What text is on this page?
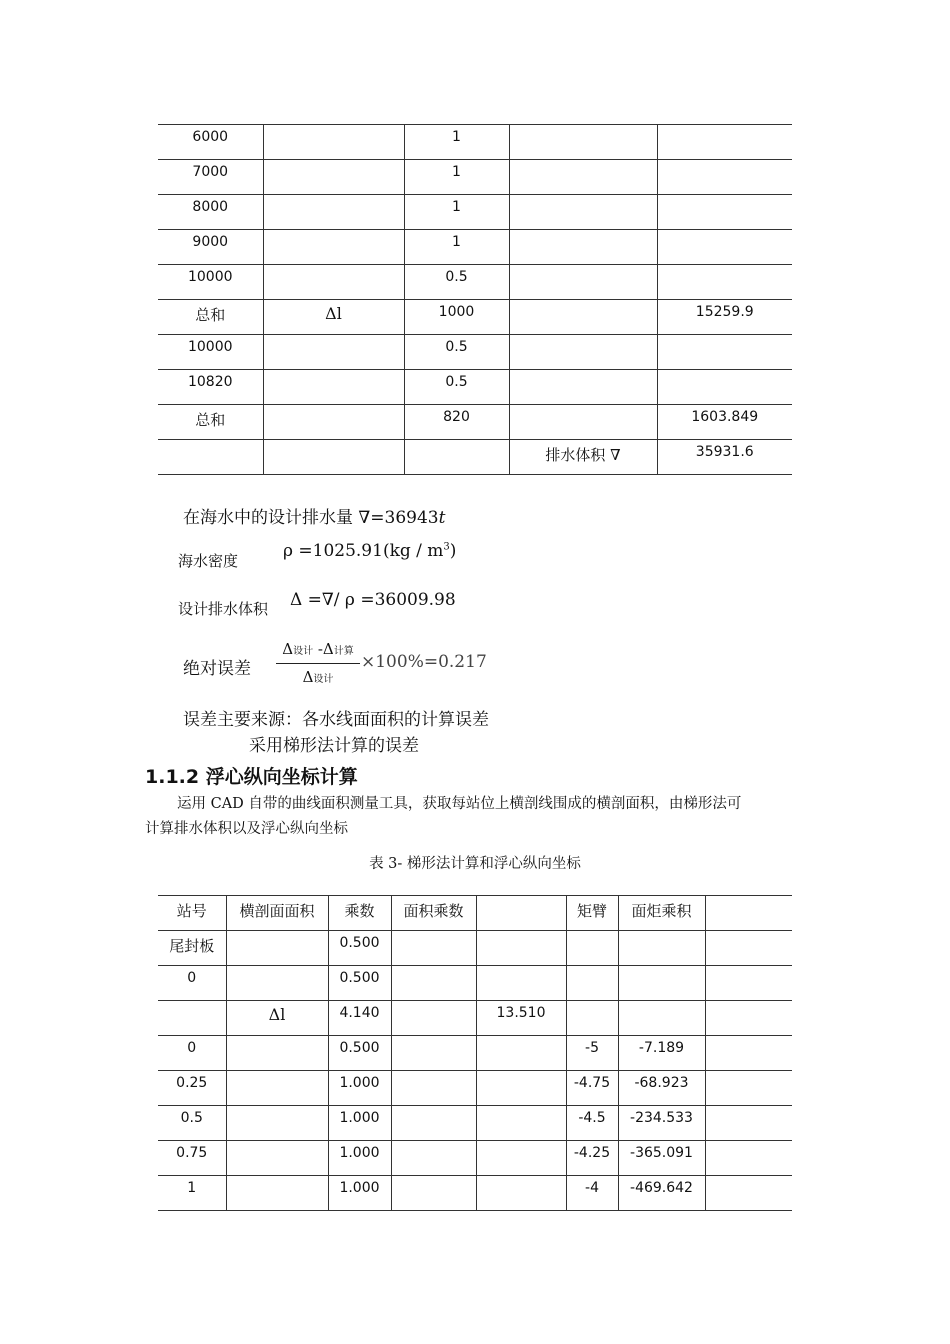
6000		1		

7000		1		

8000		1		

9000		1		

10000		0.5		

总和	Δl	1000		15259.9

10000		0.5		

10820		0.5		

总和		820		1603.849

			排水体积 ∇	35931.6
在海水中的设计排水量 ∇=36943t
海水密度	$\rho =1025.91(kg / m^3)$
设计排水体积 Δ =∇/ ρ =36009.98
绝对误差
Δ设计 -Δ计算
Δ设计
×100%=0.217
误差主要来源：各水线面面积的计算误差
采用梯形法计算的误差
1.1.2 浮心纵向坐标计算
运用 CAD 自带的曲线面积测量工具，获取每站位上横剖线围成的横剖面积，由梯形法可
计算排水体积以及浮心纵向坐标
表 3- 梯形法计算和浮心纵向坐标
站号	横剖面面积	乘数	面积乘数		矩臂	面炬乘积	

尾封板		0.500					

0		0.500					

	Δl	4.140		13.510			

0		0.500			-5	-7.189	

0.25		1.000			-4.75	-68.923	

0.5		1.000			-4.5	-234.533	

0.75		1.000			-4.25	-365.091	

1		1.000			-4	-469.642	
